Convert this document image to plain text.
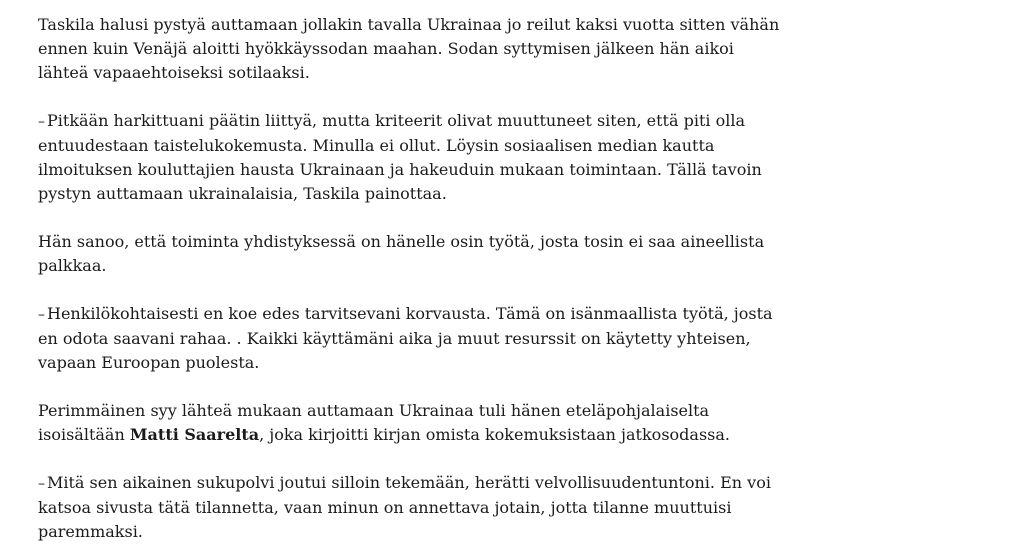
Taskila halusi pystyä auttamaan jollakin tavalla Ukrainaa jo reilut kaksi vuotta sitten vähän
ennen kuin Venäjä aloitti hyökkäyssodan maahan. Sodan syttymisen jälkeen hän aikoi
lähteä vapaaehtoiseksi sotilaaksi.

– Pitkään harkittuani päätin liittyä, mutta kriteerit olivat muuttuneet siten, että piti olla
entuudestaan taistelukokemusta. Minulla ei ollut. Löysin sosiaalisen median kautta
ilmoituksen kouluttajien hausta Ukrainaan ja hakeuduin mukaan toimintaan. Tällä tavoin
pystyn auttamaan ukrainalaisia, Taskila painottaa.

Hän sanoo, että toiminta yhdistyksessä on hänelle osin työtä, josta tosin ei saa aineellista
palkkaa.

– Henkilökohtaisesti en koe edes tarvitsevani korvausta. Tämä on isänmaallista työtä, josta
en odota saavani rahaa. . Kaikki käyttämäni aika ja muut resurssit on käytetty yhteisen,
vapaan Euroopan puolesta.

Perimmäinen syy lähteä mukaan auttamaan Ukrainaa tuli hänen eteläpohjalaiselta
isoisältään Matti Saarelta, joka kirjoitti kirjan omista kokemuksistaan jatkosodassa.

– Mitä sen aikainen sukupolvi joutui silloin tekemään, herätti velvollisuudentuntoni. En voi
katsoa sivusta tätä tilannetta, vaan minun on annettava jotain, jotta tilanne muuttuisi
paremmaksi.
